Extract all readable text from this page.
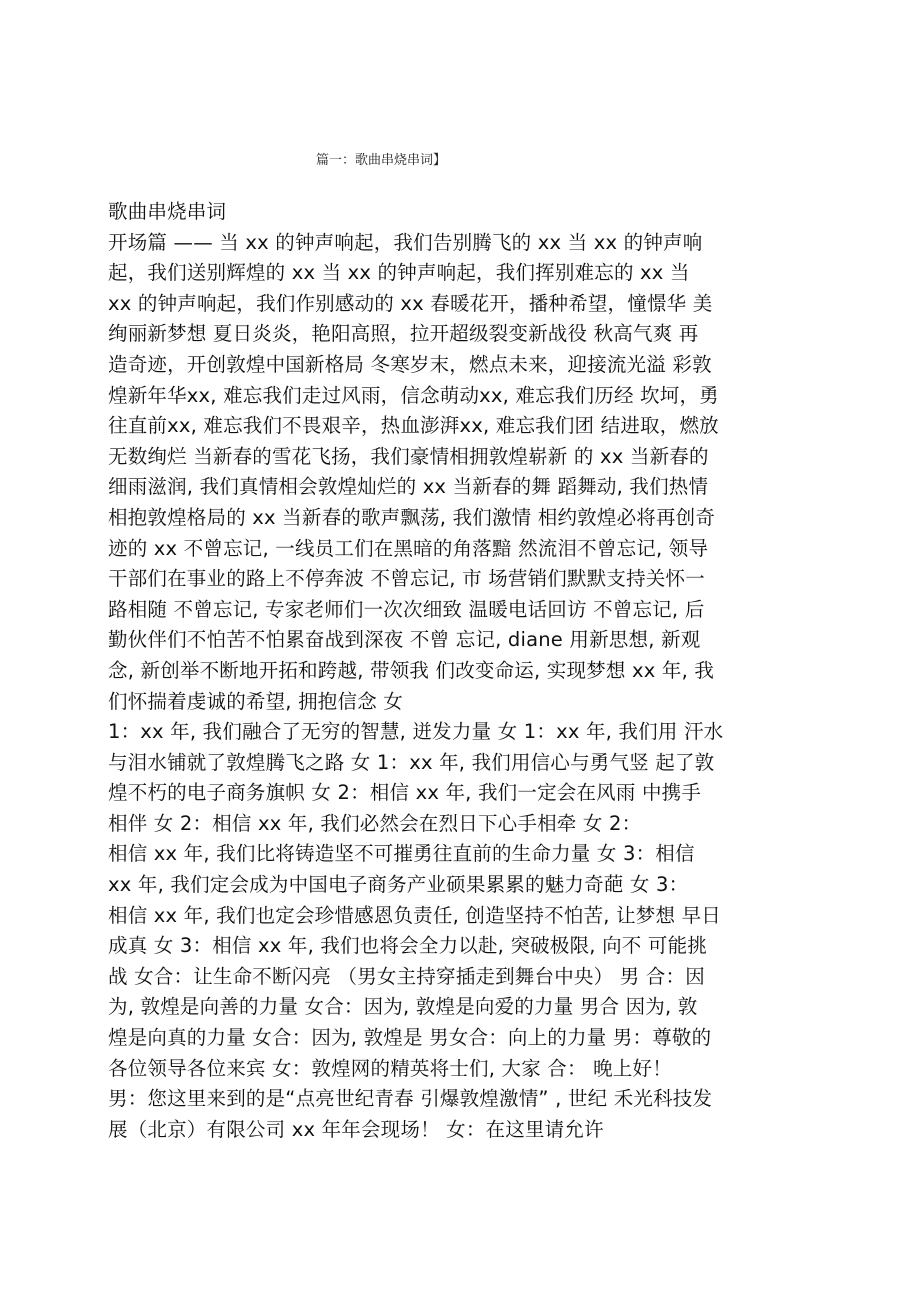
篇一：歌曲串烧串词】
歌曲串烧串词
开场篇 —— 当 xx 的钟声响起，我们告别腾飞的 xx 当 xx 的钟声响
起，我们送别辉煌的 xx 当 xx 的钟声响起，我们挥别难忘的 xx 当
xx 的钟声响起，我们作别感动的 xx 春暖花开，播种希望，憧憬华 美
绚丽新梦想 夏日炎炎，艳阳高照，拉开超级裂变新战役 秋高气爽 再
造奇迹，开创敦煌中国新格局 冬寒岁末，燃点未来，迎接流光溢 彩敦
煌新年华xx, 难忘我们走过风雨，信念萌动xx, 难忘我们历经 坎坷，勇
往直前xx, 难忘我们不畏艰辛，热血澎湃xx, 难忘我们团 结进取，燃放
无数绚烂 当新春的雪花飞扬，我们豪情相拥敦煌崭新 的 xx 当新春的
细雨滋润, 我们真情相会敦煌灿烂的 xx 当新春的舞 蹈舞动, 我们热情
相抱敦煌格局的 xx 当新春的歌声飘荡, 我们激情 相约敦煌必将再创奇
迹的 xx 不曾忘记, 一线员工们在黑暗的角落黯 然流泪不曾忘记, 领导
干部们在事业的路上不停奔波 不曾忘记, 市 场营销们默默支持关怀一
路相随 不曾忘记, 专家老师们一次次细致 温暖电话回访 不曾忘记, 后
勤伙伴们不怕苦不怕累奋战到深夜 不曾 忘记, diane 用新思想, 新观
念, 新创举不断地开拓和跨越, 带领我 们改变命运, 实现梦想 xx 年, 我
们怀揣着虔诚的希望, 拥抱信念 女
1：xx 年, 我们融合了无穷的智慧, 迸发力量 女 1：xx 年, 我们用 汗水
与泪水铺就了敦煌腾飞之路 女 1：xx 年, 我们用信心与勇气竖 起了敦
煌不朽的电子商务旗帜 女 2：相信 xx 年, 我们一定会在风雨 中携手
相伴 女 2：相信 xx 年, 我们必然会在烈日下心手相牵 女 2：
相信 xx 年, 我们比将铸造坚不可摧勇往直前的生命力量 女 3：相信
xx 年, 我们定会成为中国电子商务产业硕果累累的魅力奇葩 女 3：
相信 xx 年, 我们也定会珍惜感恩负责任, 创造坚持不怕苦, 让梦想 早日
成真 女 3：相信 xx 年, 我们也将会全力以赴, 突破极限, 向不 可能挑
战 女合：让生命不断闪亮 （男女主持穿插走到舞台中央） 男 合：因
为, 敦煌是向善的力量 女合：因为, 敦煌是向爱的力量 男合 因为, 敦
煌是向真的力量 女合：因为, 敦煌是 男女合：向上的力量 男：尊敬的
各位领导各位来宾 女：敦煌网的精英将士们, 大家 合： 晚上好！
男：您这里来到的是“点亮世纪青春 引爆敦煌激情” , 世纪 禾光科技发
展（北京）有限公司 xx 年年会现场！ 女：在这里请允许
